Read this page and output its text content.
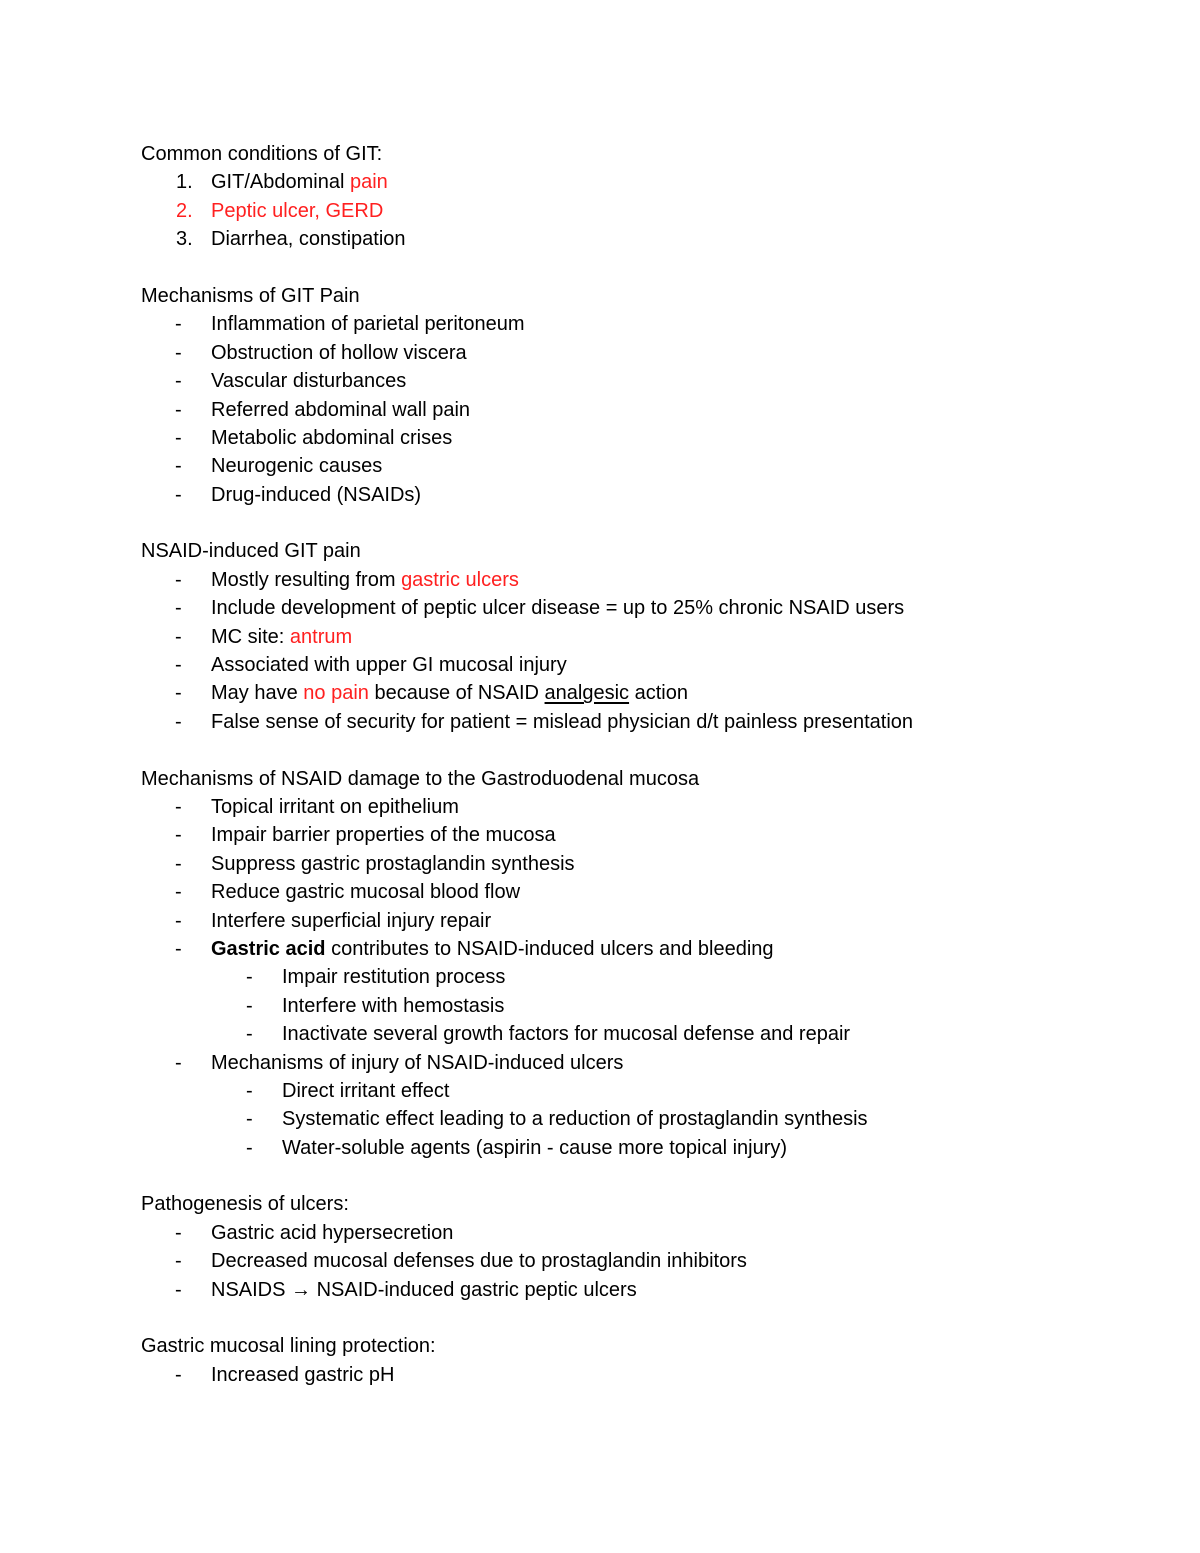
Common conditions of GIT:
1. GIT/Abdominal pain
2. Peptic ulcer, GERD
3. Diarrhea, constipation
Mechanisms of GIT Pain
- Inflammation of parietal peritoneum
- Obstruction of hollow viscera
- Vascular disturbances
- Referred abdominal wall pain
- Metabolic abdominal crises
- Neurogenic causes
- Drug-induced (NSAIDs)
NSAID-induced GIT pain
- Mostly resulting from gastric ulcers
- Include development of peptic ulcer disease = up to 25% chronic NSAID users
- MC site: antrum
- Associated with upper GI mucosal injury
- May have no pain because of NSAID analgesic action
- False sense of security for patient = mislead physician d/t painless presentation
Mechanisms of NSAID damage to the Gastroduodenal mucosa
- Topical irritant on epithelium
- Impair barrier properties of the mucosa
- Suppress gastric prostaglandin synthesis
- Reduce gastric mucosal blood flow
- Interfere superficial injury repair
- Gastric acid contributes to NSAID-induced ulcers and bleeding
- Impair restitution process
- Interfere with hemostasis
- Inactivate several growth factors for mucosal defense and repair
- Mechanisms of injury of NSAID-induced ulcers
- Direct irritant effect
- Systematic effect leading to a reduction of prostaglandin synthesis
- Water-soluble agents (aspirin - cause more topical injury)
Pathogenesis of ulcers:
- Gastric acid hypersecretion
- Decreased mucosal defenses due to prostaglandin inhibitors
- NSAIDS → NSAID-induced gastric peptic ulcers
Gastric mucosal lining protection:
- Increased gastric pH
